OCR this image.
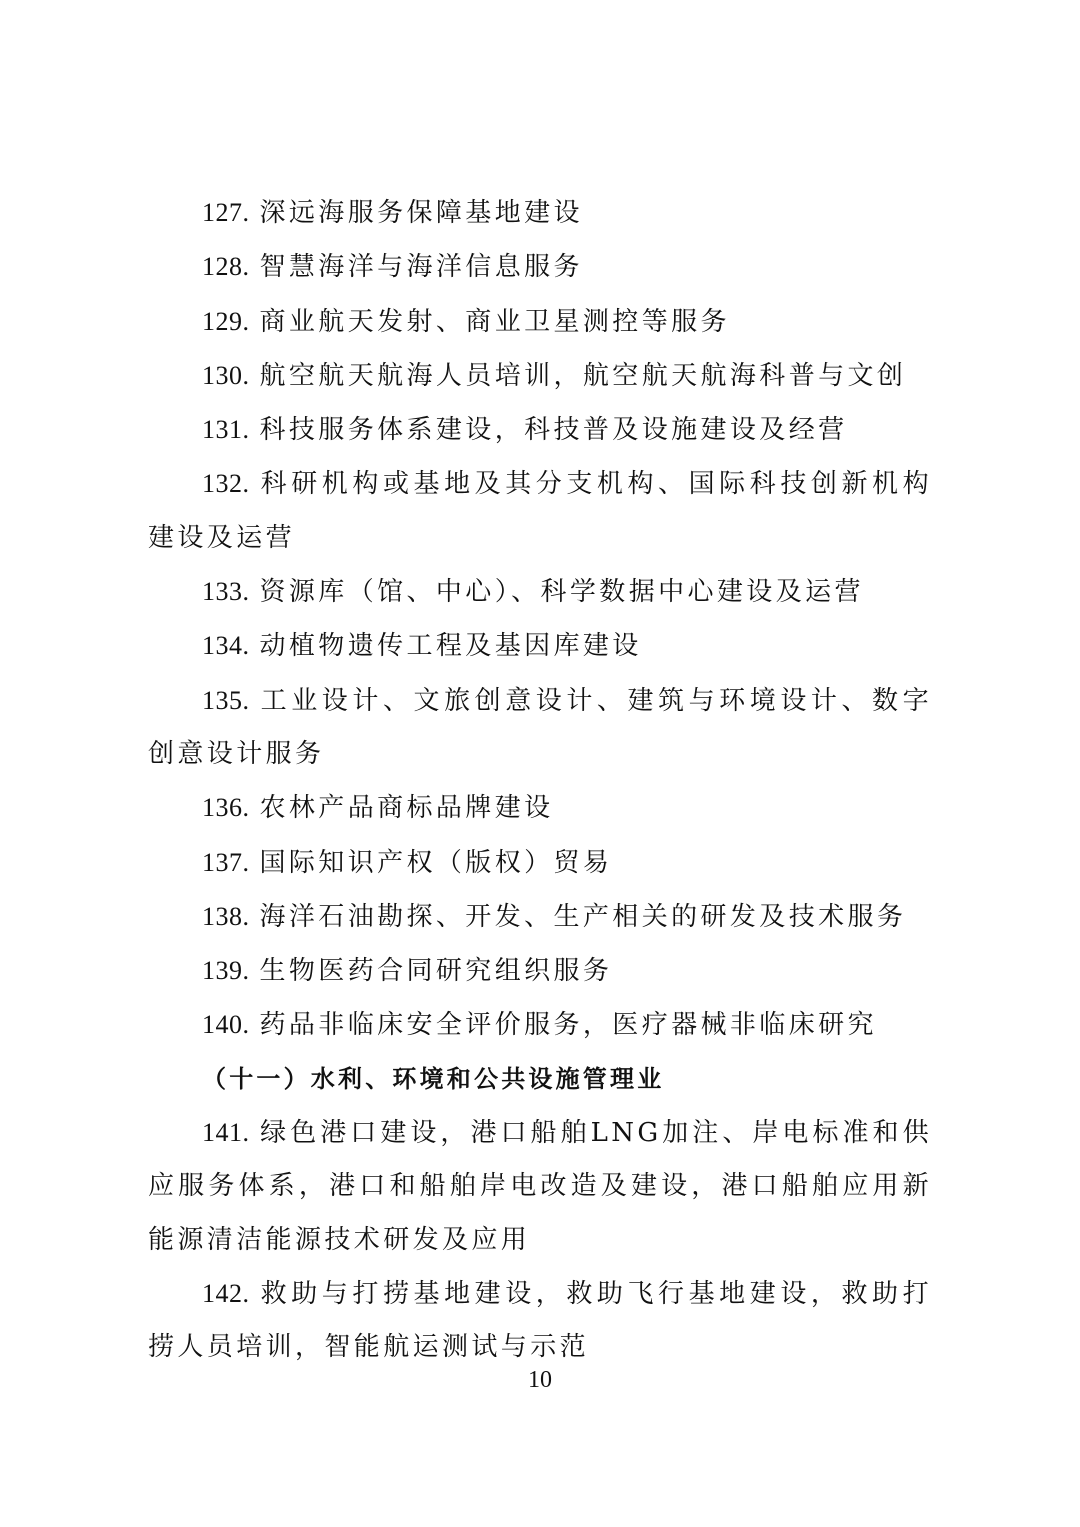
127. 深远海服务保障基地建设

128. 智慧海洋与海洋信息服务

129. 商业航天发射、商业卫星测控等服务

130. 航空航天航海人员培训，航空航天航海科普与文创

131. 科技服务体系建设，科技普及设施建设及经营

132. 科研机构或基地及其分支机构、国际科技创新机构建设及运营

133. 资源库（馆、中心）、科学数据中心建设及运营

134. 动植物遗传工程及基因库建设

135. 工业设计、文旅创意设计、建筑与环境设计、数字创意设计服务

136. 农林产品商标品牌建设

137. 国际知识产权（版权）贸易

138. 海洋石油勘探、开发、生产相关的研发及技术服务

139. 生物医药合同研究组织服务

140. 药品非临床安全评价服务，医疗器械非临床研究

（十一）水利、环境和公共设施管理业

141. 绿色港口建设，港口船舶LNG加注、岸电标准和供应服务体系，港口和船舶岸电改造及建设，港口船舶应用新能源清洁能源技术研发及应用

142. 救助与打捞基地建设，救助飞行基地建设，救助打捞人员培训，智能航运测试与示范

10
